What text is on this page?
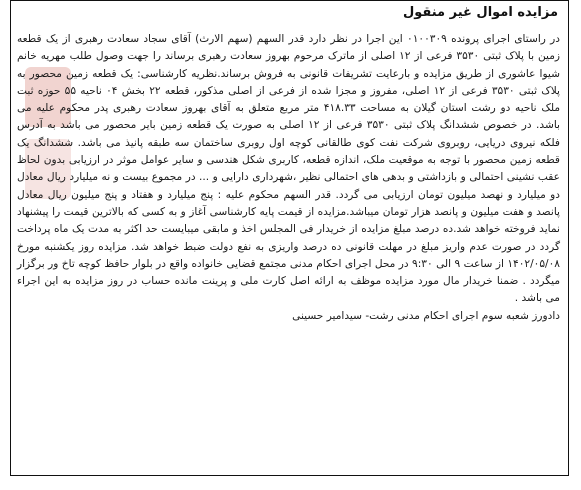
مزایده اموال غیر منقول

در راستای اجرای پرونده ۰۱۰۰۳۰۹ این اجرا در نظر دارد قدر السهم (سهم الارث) آقای سجاد سعادت رهبری از یک قطعه زمین با پلاک ثبتی ۳۵۳۰ فرعی از ۱۲ اصلی از ماترک مرحوم بهروز سعادت رهبری برساند را جهت وصول طلب مهریه خانم شیوا عاشوری از طریق مزایده و بارعایت تشریفات قانونی به فروش برساند.نظریه کارشناسی: یک قطعه زمین محصور به پلاک ثبتی ۳۵۳۰ فرعی از ۱۲ اصلی، مفروز و مجزا شده از فرعی از اصلی مذکور، قطعه ۲۲ بخش ۰۴ ناحیه ۵۵ حوزه ثبت ملک ناحیه دو رشت استان گیلان به مساحت ۴۱۸.۳۳ متر مربع متعلق به آقای بهروز سعادت رهبری پدر محکوم علیه می باشد. در خصوص ششدانگ پلاک ثبتی ۳۵۳۰ فرعی از ۱۲ اصلی به صورت یک قطعه زمین بایر محصور می باشد به آدرس فلکه نیروی دریایی، روبروی شرکت نفت کوی طالقانی کوچه اول روبری ساختمان سه طبقه پانیذ می باشد. ششدانگ یک قطعه زمین محصور با توجه به موقعیت ملک، اندازه قطعه، کاربری شکل هندسی و سایر عوامل موثر در ارزیابی بدون لحاظ عقب نشینی احتمالی و بازداشتی و بدهی های احتمالی نظیر ،شهرداری دارایی و ... در مجموع بیست و نه میلیارد ریال معادل دو میلیارد و نهصد میلیون تومان ارزیابی می گردد. قدر السهم محکوم علیه : پنج میلیارد و هفتاد و پنج میلیون ریال معادل پانصد و هفت میلیون و پانصد هزار تومان میباشد.مزایده از قیمت پایه کارشناسی آغاز و به کسی که بالاترین قیمت را پیشنهاد نماید فروخته خواهد شد.ده درصد مبلغ مزایده از خریدار فی المجلس اخذ و مابقی میبایست حد اکثر به مدت یک ماه پرداخت گردد در صورت عدم واریز مبلغ در مهلت قانونی ده درصد واریزی به نفع دولت ضبط خواهد شد. مزایده روز یکشنبه مورخ ۱۴۰۲/۰۵/۰۸ از ساعت ۹ الی ۹:۳۰ در محل اجرای احکام مدنی مجتمع قضایی خانواده واقع در بلوار حافظ کوچه تاخ ور برگزار میگردد . ضمنا خریدار مال مورد مزایده موظف به ارائه اصل کارت ملی و پرینت مانده حساب در روز مزایده به این اجراء می باشد .

دادورز شعبه سوم اجرای احکام مدنی رشت- سیدامیر حسینی
